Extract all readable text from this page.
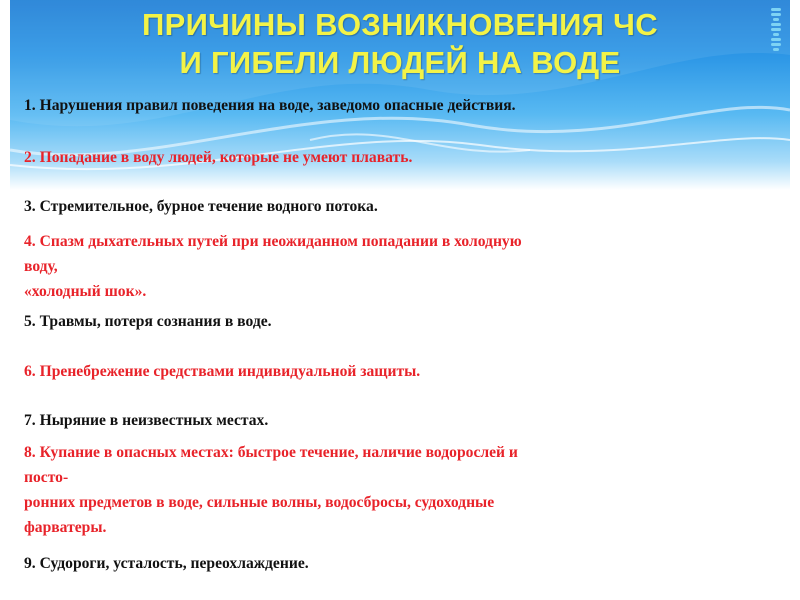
ПРИЧИНЫ ВОЗНИКНОВЕНИЯ ЧС
И ГИБЕЛИ ЛЮДЕЙ НА ВОДЕ
1. Нарушения правил поведения на воде, заведомо опасные действия.
2. Попадание в воду людей, которые не умеют плавать.
3. Стремительное, бурное течение водного потока.
4. Спазм дыхательных путей при неожиданном попадании в холодную
воду,
«холодный шок».
5. Травмы, потеря сознания в воде.
6. Пренебрежение средствами индивидуальной защиты.
7. Ныряние в неизвестных местах.
8. Купание в опасных местах: быстрое течение, наличие водорослей и
посто-
ронних предметов в воде, сильные волны, водосбросы, судоходные
фарватеры.
9. Судороги, усталость, переохлаждение.
